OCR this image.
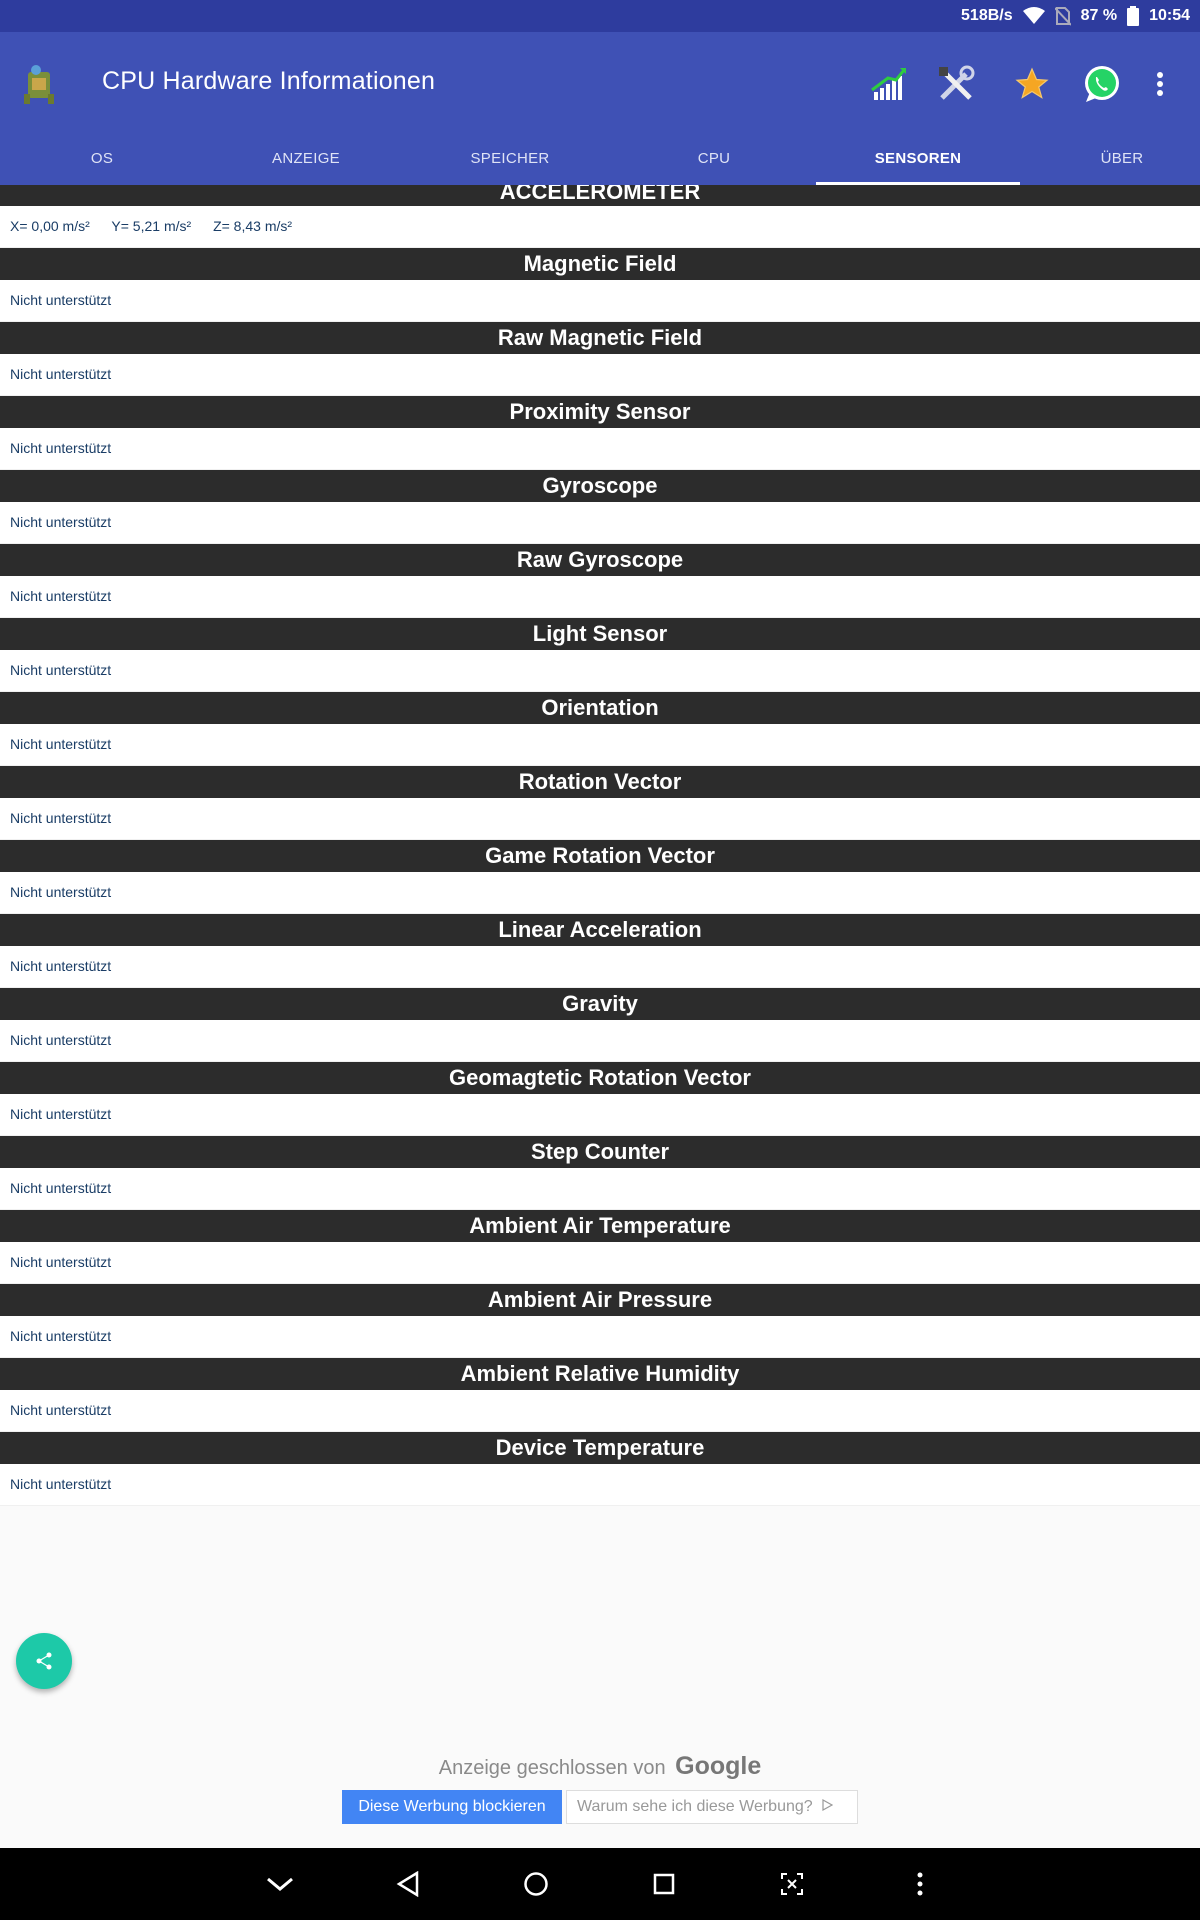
518B/s	87 % 10:54
CPU Hardware Informationen
OS	ANZEIGE	SPEICHER	CPU	SENSOREN	ÜBER
ACCELEROMETER
X= 0,00 m/s² Y= 5,21 m/s² Z= 8,43 m/s²
Magnetic Field
Nicht unterstützt
Raw Magnetic Field
Nicht unterstützt
Proximity Sensor
Nicht unterstützt
Gyroscope
Nicht unterstützt
Raw Gyroscope
Nicht unterstützt
Light Sensor
Nicht unterstützt
Orientation
Nicht unterstützt
Rotation Vector
Nicht unterstützt
Game Rotation Vector
Nicht unterstützt
Linear Acceleration
Nicht unterstützt
Gravity
Nicht unterstützt
Geomagtetic Rotation Vector
Nicht unterstützt
Step Counter
Nicht unterstützt
Ambient Air Temperature
Nicht unterstützt
Ambient Air Pressure
Nicht unterstützt
Ambient Relative Humidity
Nicht unterstützt
Device Temperature
Nicht unterstützt
Anzeige geschlossen von Google
Diese Werbung blockieren	Warum sehe ich diese Werbung?
